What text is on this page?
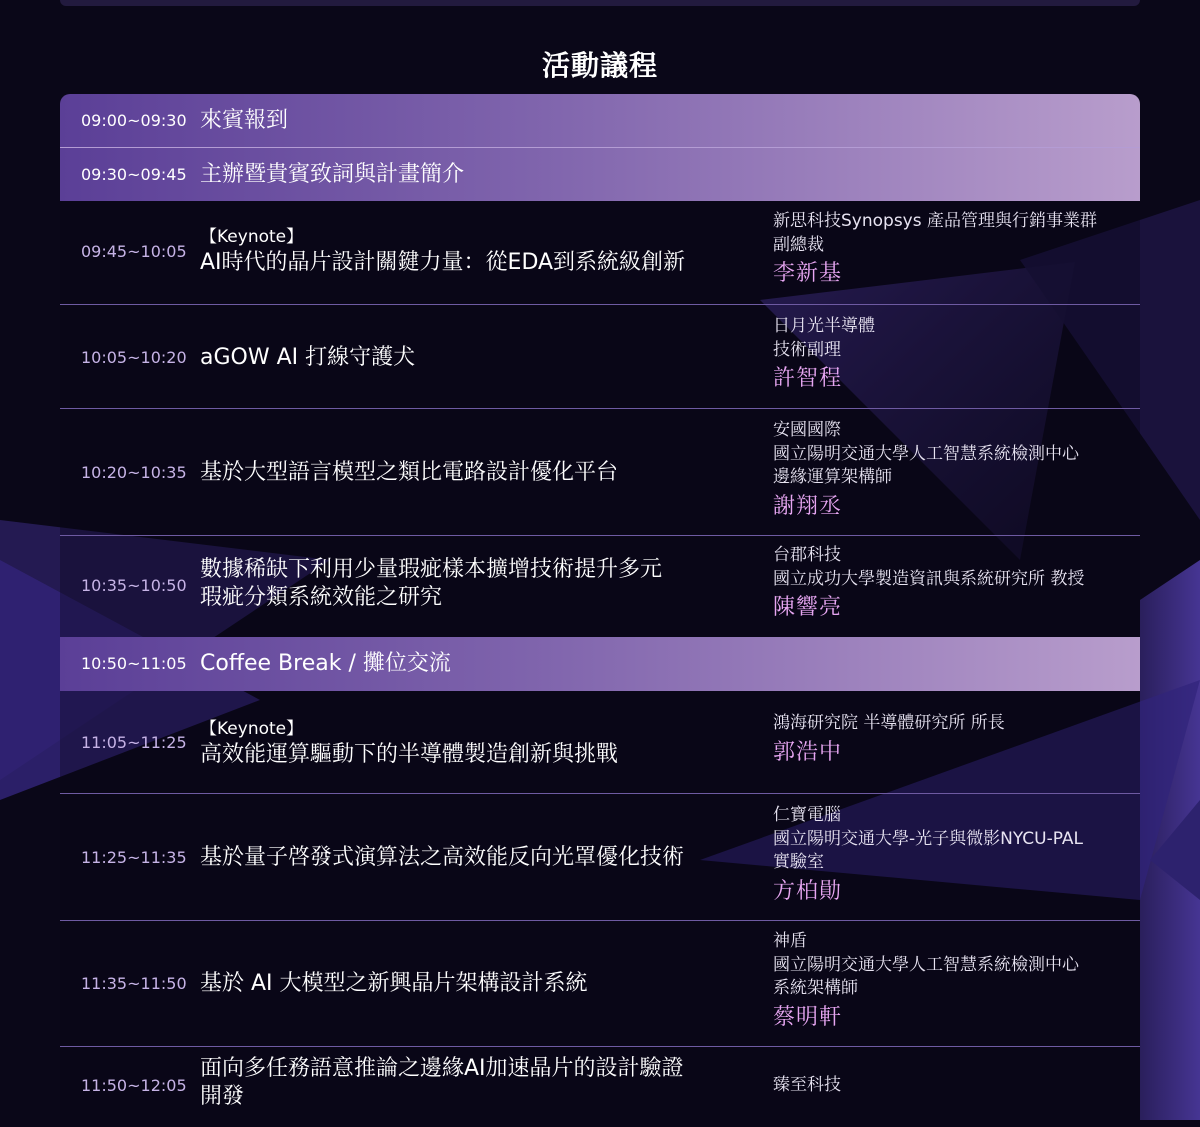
活動議程
09:00~09:30 來賓報到
09:30~09:45 主辦暨貴賓致詞與計畫簡介
09:45~10:05
【Keynote】
AI時代的晶片設計關鍵力量：從EDA到系統級創新
新思科技Synopsys 產品管理與行銷事業群
副總裁
李新基
10:05~10:20 aGOW AI 打線守護犬
日月光半導體
技術副理
許智程
10:20~10:35 基於大型語言模型之類比電路設計優化平台
安國國際
國立陽明交通大學人工智慧系統檢測中心
邊緣運算架構師
謝翔丞
10:35~10:50
數據稀缺下利用少量瑕疵樣本擴增技術提升多元
瑕疵分類系統效能之研究
台郡科技
國立成功大學製造資訊與系統研究所 教授
陳響亮
10:50~11:05 Coffee Break / 攤位交流
11:05~11:25
【Keynote】
高效能運算驅動下的半導體製造創新與挑戰
鴻海研究院 半導體研究所 所長
郭浩中
11:25~11:35 基於量子啓發式演算法之高效能反向光罩優化技術
仁寶電腦
國立陽明交通大學-光子與微影NYCU-PAL
實驗室
方柏勛
11:35~11:50 基於 AI 大模型之新興晶片架構設計系統
神盾
國立陽明交通大學人工智慧系統檢測中心
系統架構師
蔡明軒
11:50~12:05
面向多任務語意推論之邊緣AI加速晶片的設計驗證
開發	臻至科技
